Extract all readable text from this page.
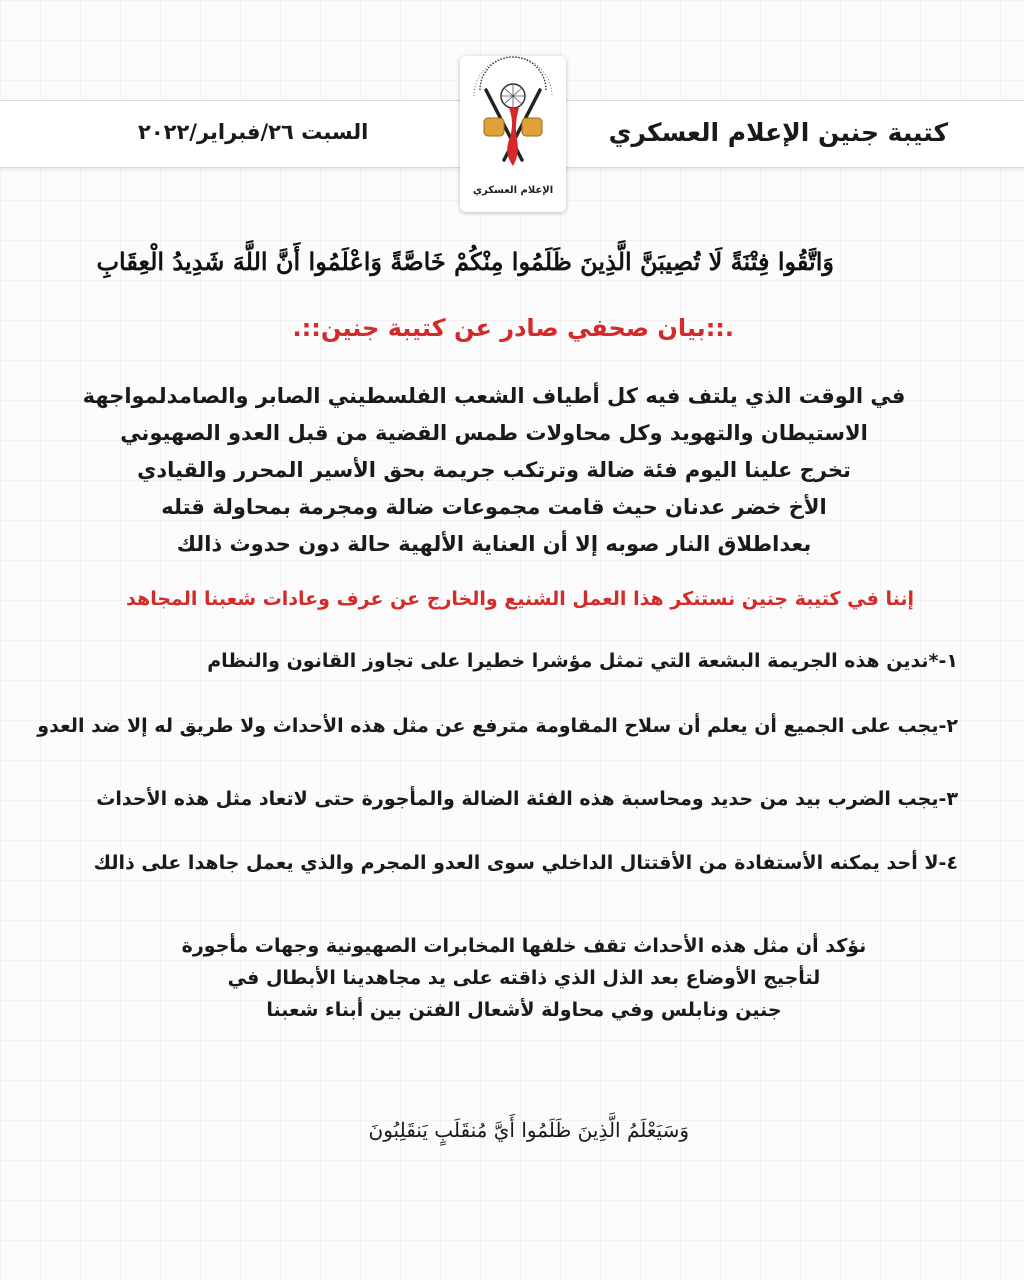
كتيبة جنين الإعلام العسكري
السبت ٢٦/فبراير/٢٠٢٢
الإعلام العسكري
وَاتَّقُوا فِتْنَةً لَا تُصِيبَنَّ الَّذِينَ ظَلَمُوا مِنْكُمْ خَاصَّةً وَاعْلَمُوا أَنَّ اللَّهَ شَدِيدُ الْعِقَابِ
.::بيان صحفي صادر عن كتيبة جنين::.
في الوقت الذي يلتف فيه كل أطياف الشعب الفلسطيني الصابر والصامدلمواجهة
الاستيطان والتهويد وكل محاولات طمس القضية من قبل العدو الصهيوني
تخرج علينا اليوم فئة ضالة وترتكب جريمة بحق الأسير المحرر والقيادي
الأخ خضر عدنان حيث قامت مجموعات ضالة ومجرمة بمحاولة قتله
بعداطلاق النار صوبه إلا أن العناية الألهية حالة دون حدوث ذالك
إننا في كتيبة جنين نستنكر هذا العمل الشنيع والخارج عن عرف وعادات شعبنا المجاهد
١-*ندين هذه الجريمة البشعة التي تمثل مؤشرا خطيرا على تجاوز القانون والنظام
٢-يجب على الجميع أن يعلم أن سلاح المقاومة مترفع عن مثل هذه الأحداث ولا طريق له إلا ضد العدو
٣-يجب الضرب بيد من حديد ومحاسبة هذه الفئة الضالة والمأجورة حتى لاتعاد مثل هذه الأحداث
٤-لا أحد يمكنه الأستفادة من الأقتتال الداخلي سوى العدو المجرم والذي يعمل جاهدا على ذالك
نؤكد أن مثل هذه الأحداث تقف خلفها المخابرات الصهيونية وجهات مأجورة
لتأجيج الأوضاع بعد الذل الذي ذاقته على يد مجاهدينا الأبطال في
جنين ونابلس وفي محاولة لأشعال الفتن بين أبناء شعبنا
وَسَيَعْلَمُ الَّذِينَ ظَلَمُوا أَيَّ مُنقَلَبٍ يَنقَلِبُونَ
